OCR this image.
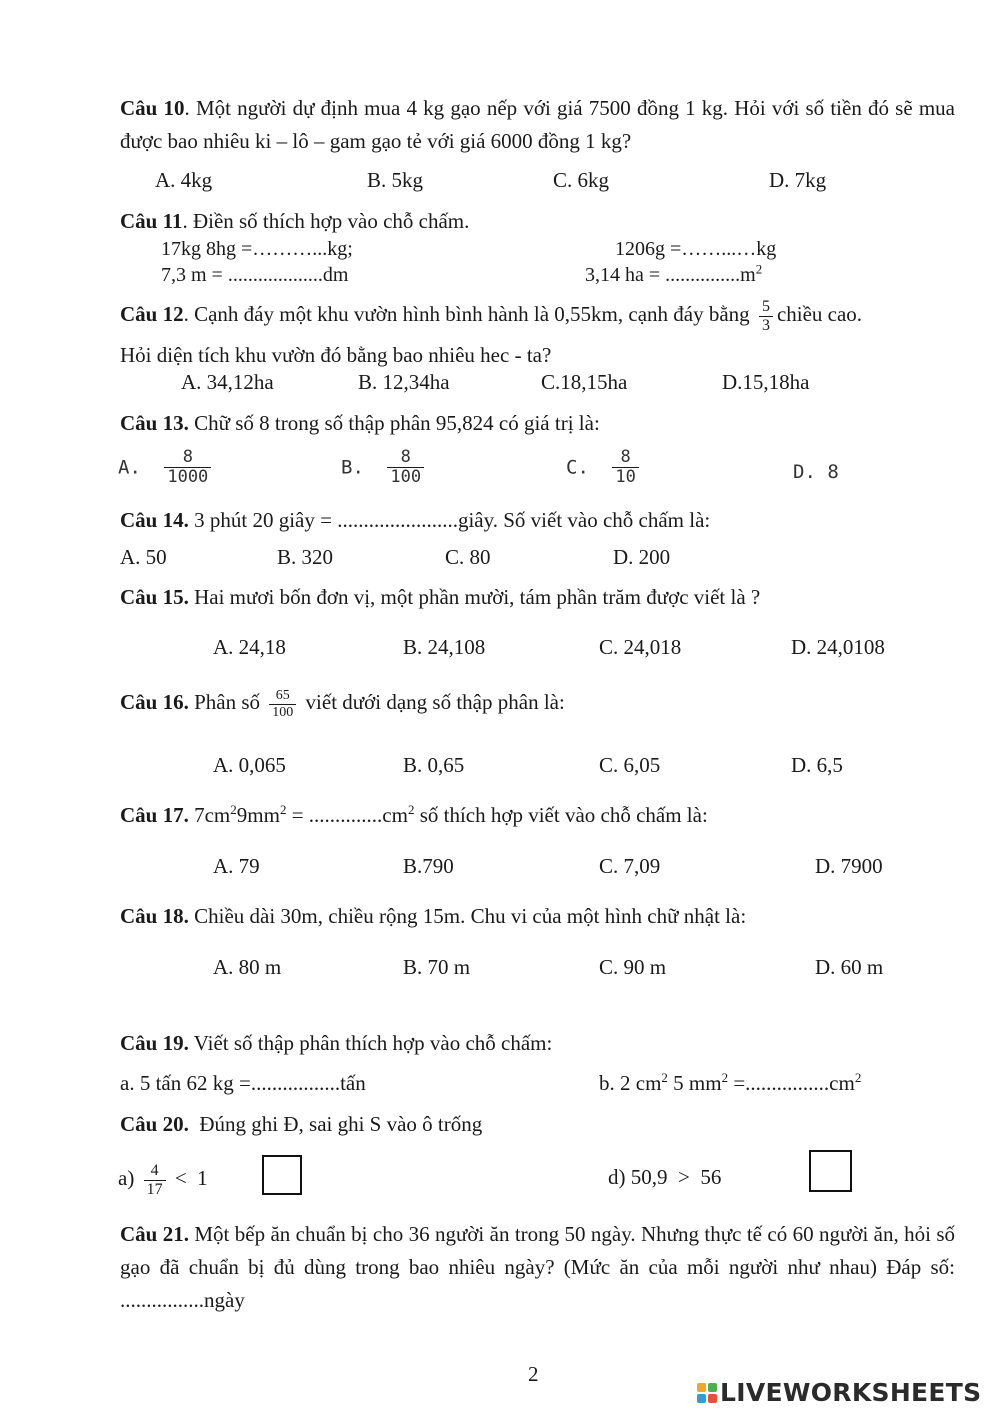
Câu 10. Một người dự định mua 4 kg gạo nếp với giá 7500 đồng 1 kg. Hỏi với số tiền đó sẽ mua được bao nhiêu ki – lô – gam gạo tẻ với giá 6000 đồng 1 kg?
A. 4kg	B. 5kg	C. 6kg	D. 7kg
Câu 11. Điền số thích hợp vào chỗ chấm.
17kg 8hg =………...kg;	1206g =……...…kg
7,3 m = ...................dm	3,14 ha = $...............m^2$
Câu 12. Cạnh đáy một khu vườn hình bình hành là 0,55km, cạnh đáy bằng $\frac{5}{3}$ chiều cao.
Hỏi diện tích khu vườn đó bằng bao nhiêu hec - ta?
A. 34,12ha	B. 12,34ha	C.18,15ha	D.15,18ha
Câu 13. Chữ số 8 trong số thập phân 95,824 có giá trị là:
A. $\frac{8}{1000}$	B. $\frac{8}{100}$	C. $\frac{8}{10}$	D. 8
Câu 14. 3 phút 20 giây = .......................giây. Số viết vào chỗ chấm là:
A. 50	B. 320	C. 80	D. 200
Câu 15. Hai mươi bốn đơn vị, một phần mười, tám phần trăm được viết là ?
A. 24,18	B. 24,108	C. 24,018	D. 24,0108
Câu 16. Phân số $\frac{65}{100}$ viết dưới dạng số thập phân là:
A. 0,065	B. 0,65	C. 6,05	D. 6,5
Câu 17. $7cm^29mm^2 = ..............cm^2$ số thích hợp viết vào chỗ chấm là:
A. 79	B.790	C. 7,09	D. 7900
Câu 18. Chiều dài 30m, chiều rộng 15m. Chu vi của một hình chữ nhật là:
A. 80 m	B. 70 m	C. 90 m	D. 60 m
Câu 19. Viết số thập phân thích hợp vào chỗ chấm:
a. 5 tấn 62 kg =.................tấn	b. 2 $cm^2$ 5 $mm^2 =................cm^2$
Câu 20.  Đúng ghi Đ, sai ghi S vào ô trống
$a) \frac{4}{17} < 1$	d) 50,9  >  56
Câu 21. Một bếp ăn chuẩn bị cho 36 người ăn trong 50 ngày. Nhưng thực tế có 60 người ăn, hỏi số gạo đã chuẩn bị đủ dùng trong bao nhiêu ngày? (Mức ăn của mỗi người như nhau) Đáp số: ................ngày
2
LIVEWORKSHEETS
